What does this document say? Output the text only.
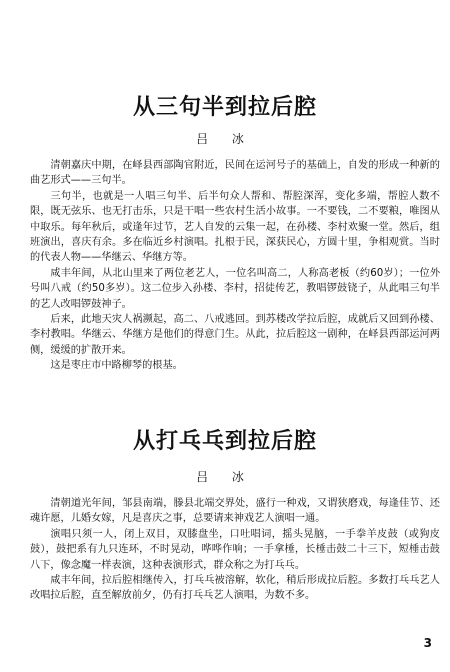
从三句半到拉后腔
吕 冰

清朝嘉庆中期，在峄县西部陶官附近，民间在运河号子的基础上，自发的形成一种新的曲艺形式——三句半。

三句半，也就是一人唱三句半、后半句众人帮和、帮腔深浑，变化多端，帮腔人数不限，既无弦乐、也无打击乐，只是干唱一些农村生活小故事。一不要钱，二不要粮，唯图从中取乐。每年秋后，或逢年过节，艺人自发的云集一起，在孙楼、李村欢聚一堂。然后，组班演出，喜庆有余。多在临近乡村演唱。扎根于民，深获民心，方圆十里，争相观赏。当时的代表人物——华继云、华继方等。

咸丰年间，从北山里来了两位老艺人，一位名叫高二，人称高老板（约60岁）；一位外号叫八戒（约50多岁）。这二位步入孙楼、李村，招徒传艺，教唱锣鼓铙子，从此唱三句半的艺人改唱锣鼓神子。

后来，此地天灾人祸濒起，高二、八戒逃回。到苏楼改学拉后腔，成就后又回到孙楼、李村教唱。华继云、华继方是他们的得意门生。从此，拉后腔这一剧种，在峄县西部运河两侧，缓缓的扩散开来。

这是枣庄市中路柳琴的根基。

从打乓乓到拉后腔
吕 冰

清朝道光年间，邹县南端，滕县北端交界处，盛行一种戏，又谓狭磨戏，每逢佳节、还魂许愿，儿婚女嫁，凡是喜庆之事，总要请来神戏艺人演唱一通。

演唱只须一人，闭上双目，双膝盘坐，口吐唱词，摇头晃脑，一手拳羊皮鼓（或狗皮鼓），鼓把系有九只连环，不时晃动，哗哗作响；一手拿棰，长棰击鼓二十三下，短棰击鼓八下，像念魔一样表演，这种表演形式，群众称之为打乓乓。

咸丰年间，拉后腔相继传入，打乓乓被溶解，软化，稍后形成拉后腔。多数打乓乓艺人改唱拉后腔，直至解放前夕，仍有打乓乓艺人演唱，为数不多。

3
